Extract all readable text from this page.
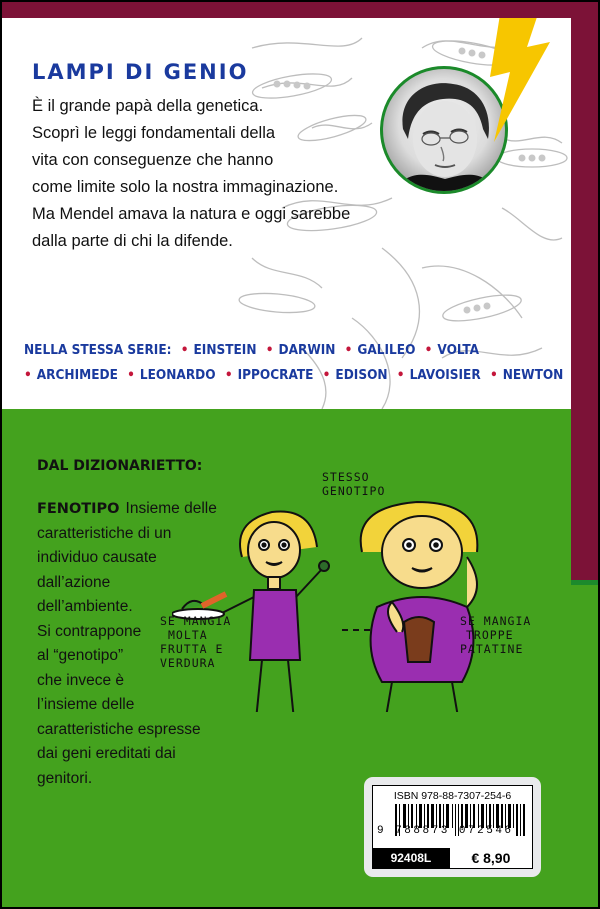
LAMPI DI GENIO
È il grande papà della genetica.
Scoprì le leggi fondamentali della
vita con conseguenze che hanno
come limite solo la nostra immaginazione.
Ma Mendel amava la natura e oggi sarebbe
dalla parte di chi la difende.
NELLA STESSA SERIE: • EINSTEIN • DARWIN • GALILEO • VOLTA
• ARCHIMEDE • LEONARDO • IPPOCRATE • EDISON • LAVOISIER • NEWTON
DAL DIZIONARIETTO:
FENOTIPO Insieme delle
caratteristiche di un
individuo causate
dall’azione
dell’ambiente.
Si contrappone
al “genotipo”
che invece è
l’insieme delle
caratteristiche espresse
dai geni ereditati dai
genitori.
STESSO
GENOTIPO
SE MANGIA
MOLTA
FRUTTA E
VERDURA
SE MANGIA
TROPPE
PATATINE
ISBN 978-88-7307-254-6
9 788873 072546
92408L	€ 8,90
